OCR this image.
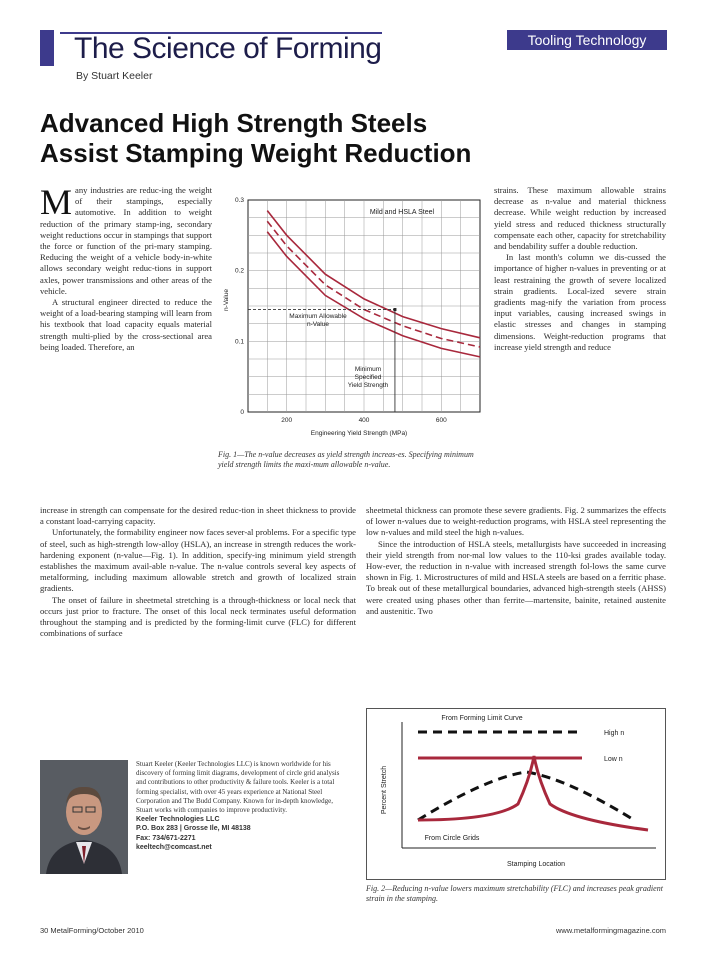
The Science of Forming
By Stuart Keeler
Tooling Technology
Advanced High Strength Steels
Assist Stamping Weight Reduction

Many industries are reduc-ing the weight of their stampings, especially automotive. In addition to weight reduction of the primary stamp-ing, secondary weight reductions occur in stampings that support the force or function of the pri-mary stamping. Reducing the weight of a vehicle body-in-white allows secondary weight reduc-tions in support axles, power transmissions and other areas of the vehicle.

A structural engineer directed to reduce the weight of a load-bearing stamping will learn from his textbook that load capacity equals material strength multi-plied by the cross-sectional area being loaded. Therefore, an

200	400	600
0
0.1
0.2
0.3
Mild and HSLA Steel
Engineering Yield Strength (MPa)
n-Value
Maximum Allowable
n-Value
Minimum
Specified
Yield Strength
Fig. 1—The n-value decreases as yield strength increas-es. Specifying minimum yield strength limits the maxi-mum allowable n-value.

strains. These maximum allowable strains decrease as n-value and material thickness decrease. While weight reduction by increased yield stress and reduced thickness structurally compensate each other, capacity for stretchability and bendability suffer a double reduction.

In last month's column we dis-cussed the importance of higher n-values in preventing or at least restraining the growth of severe localized strain gradients. Local-ized severe strain gradients mag-nify the variation from process input variables, causing increased swings in elastic stresses and changes in stamping dimensions. Weight-reduction programs that increase yield strength and reduce

increase in strength can compensate for the desired reduc-tion in sheet thickness to provide a constant load-carrying capacity.

Unfortunately, the formability engineer now faces sever-al problems. For a specific type of steel, such as high-strength low-alloy (HSLA), an increase in strength reduces the work-hardening exponent (n-value—Fig. 1). In addition, specify-ing minimum yield strength establishes the maximum avail-able n-value. The n-value controls several key aspects of metalforming, including maximum allowable stretch and growth of localized strain gradients.

The onset of failure in sheetmetal stretching is a through-thickness or local neck that occurs just prior to fracture. The onset of this local neck terminates useful deformation throughout the stamping and is predicted by the forming-limit curve (FLC) for different combinations of surface

sheetmetal thickness can promote these severe gradients. Fig. 2 summarizes the effects of lower n-values due to weight-reduction programs, with HSLA steel representing the low n-values and mild steel the high n-values.

Since the introduction of HSLA steels, metallurgists have succeeded in increasing their yield strength from nor-mal low values to the 110-ksi grades available today. How-ever, the reduction in n-value with increased strength fol-lows the same curve shown in Fig. 1. Microstructures of mild and HSLA steels are based on a ferritic phase. To break out of these metallurgical boundaries, advanced high-strength steels (AHSS) were created using phases other than ferrite—martensite, bainite, retained austenite and austenitic. Two

From Forming Limit Curve
High n
Low n
From Circle Grids
Stamping Location
Percent Stretch
Fig. 2—Reducing n-value lowers maximum stretchability (FLC) and increases peak gradient strain in the stamping.
Stuart Keeler (Keeler Technologies LLC) is known worldwide for his discovery of forming limit diagrams, development of circle grid analysis and contributions to other productivity & failure tools. Keeler is a total forming specialist, with over 45 years experience at National Steel Corporation and The Budd Company. Known for in-depth knowledge, Stuart works with companies to improve productivity.
Keeler Technologies LLC
P.O. Box 283 | Grosse Ile, MI 48138
Fax: 734/671-2271
keeltech@comcast.net
30 MetalForming/October 2010	www.metalformingmagazine.com
